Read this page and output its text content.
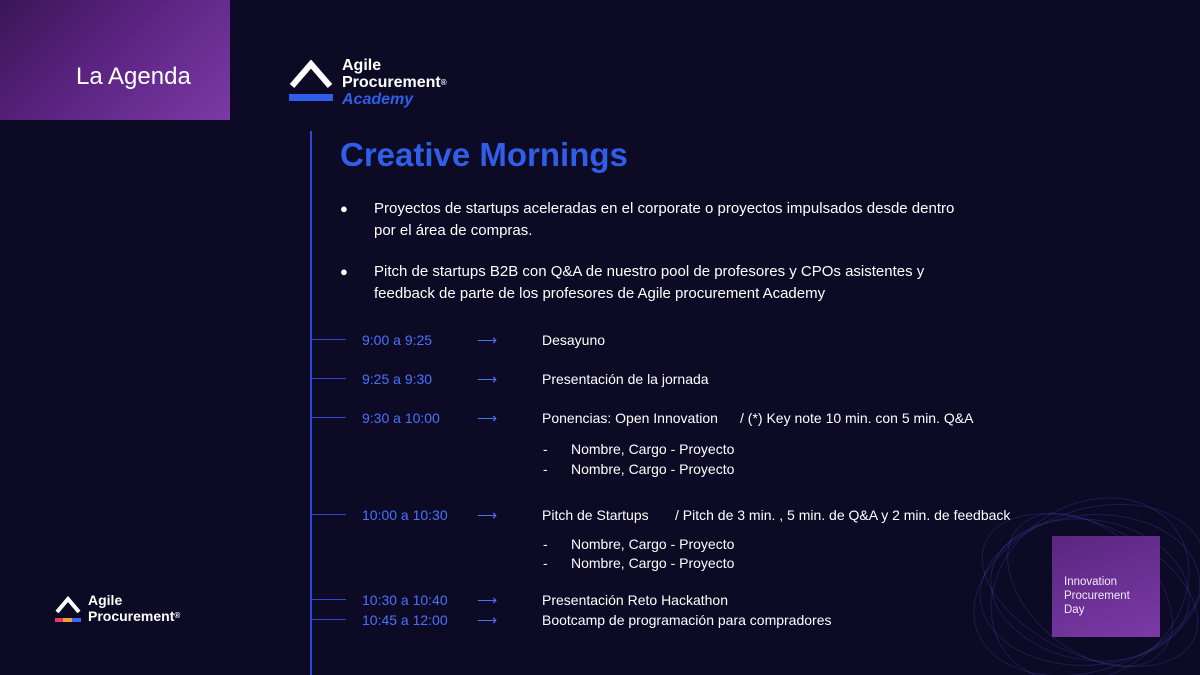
La Agenda	Agile
Procurement®
Academy
Creative Mornings
● Proyectos de startups aceleradas en el corporate o proyectos impulsados desde dentro por el área de compras.
● Pitch de startups B2B con Q&A de nuestro pool de profesores y CPOs asistentes y feedback de parte de los profesores de Agile procurement Academy
9:00 a 9:25	⟶	Desayuno
9:25 a 9:30	⟶	Presentación de la jornada
9:30 a 10:00	⟶	Ponencias: Open Innovation / (*) Key note 10 min. con 5 min. Q&A
- Nombre, Cargo - Proyecto
- Nombre, Cargo - Proyecto
10:00 a 10:30 ⟶	Pitch de Startups / Pitch de 3 min. , 5 min. de Q&A y 2 min. de feedback
- Nombre, Cargo - Proyecto
- Nombre, Cargo - Proyecto
10:30 a 10:40 ⟶	Presentación Reto Hackathon
10:45 a 12:00 ⟶	Bootcamp de programación para compradores
Innovation
Procurement
Day
Agile
Procurement®
